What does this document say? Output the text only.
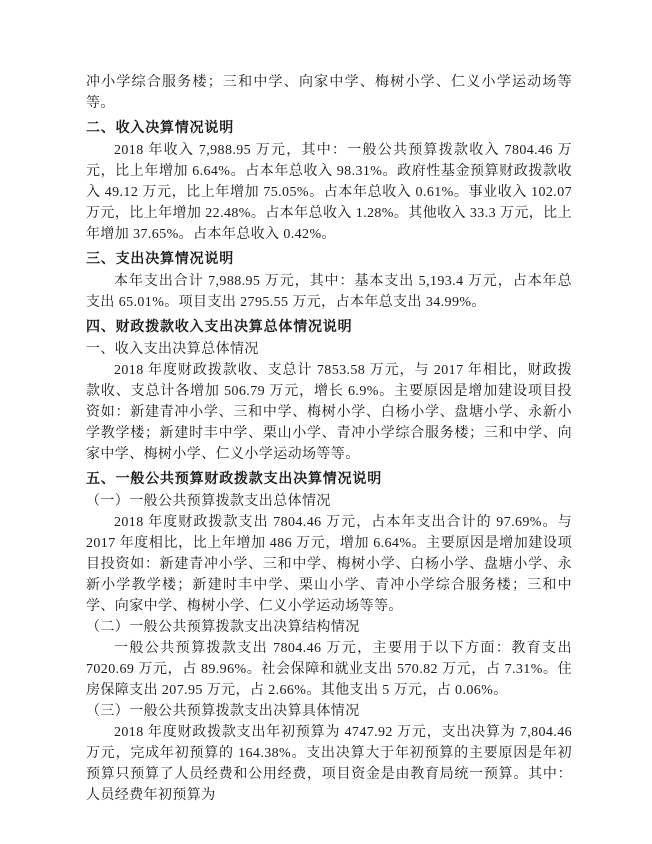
冲小学综合服务楼；三和中学、向家中学、梅树小学、仁义小学运动场等等。

二、收入决算情况说明

2018 年收入 7,988.95 万元，其中：一般公共预算拨款收入 7804.46 万元，比上年增加 6.64%。占本年总收入 98.31%。政府性基金预算财政拨款收入 49.12 万元，比上年增加 75.05%。占本年总收入 0.61%。事业收入 102.07 万元，比上年增加 22.48%。占本年总收入 1.28%。其他收入 33.3 万元，比上年增加 37.65%。占本年总收入 0.42%。

三、支出决算情况说明

本年支出合计 7,988.95 万元，其中：基本支出 5,193.4 万元，占本年总支出 65.01%。项目支出 2795.55 万元，占本年总支出 34.99%。

四、财政拨款收入支出决算总体情况说明

一、收入支出决算总体情况

2018 年度财政拨款收、支总计 7853.58 万元，与 2017 年相比，财政拨款收、支总计各增加 506.79 万元，增长 6.9%。主要原因是增加建设项目投资如：新建青冲小学、三和中学、梅树小学、白杨小学、盘塘小学、永新小学教学楼；新建时丰中学、栗山小学、青冲小学综合服务楼；三和中学、向家中学、梅树小学、仁义小学运动场等等。

五、一般公共预算财政拨款支出决算情况说明

（一）一般公共预算拨款支出总体情况

2018 年度财政拨款支出 7804.46 万元，占本年支出合计的 97.69%。与 2017 年度相比，比上年增加 486 万元，增加 6.64%。主要原因是增加建设项目投资如：新建青冲小学、三和中学、梅树小学、白杨小学、盘塘小学、永新小学教学楼；新建时丰中学、栗山小学、青冲小学综合服务楼；三和中学、向家中学、梅树小学、仁义小学运动场等等。

（二）一般公共预算拨款支出决算结构情况

一般公共预算拨款支出 7804.46 万元，主要用于以下方面：教育支出 7020.69 万元，占 89.96%。社会保障和就业支出 570.82 万元，占 7.31%。住房保障支出 207.95 万元，占 2.66%。其他支出 5 万元，占 0.06%。

（三）一般公共预算拨款支出决算具体情况

2018 年度财政拨款支出年初预算为 4747.92 万元，支出决算为 7,804.46 万元，完成年初预算的 164.38%。支出决算大于年初预算的主要原因是年初预算只预算了人员经费和公用经费，项目资金是由教育局统一预算。其中：人员经费年初预算为
